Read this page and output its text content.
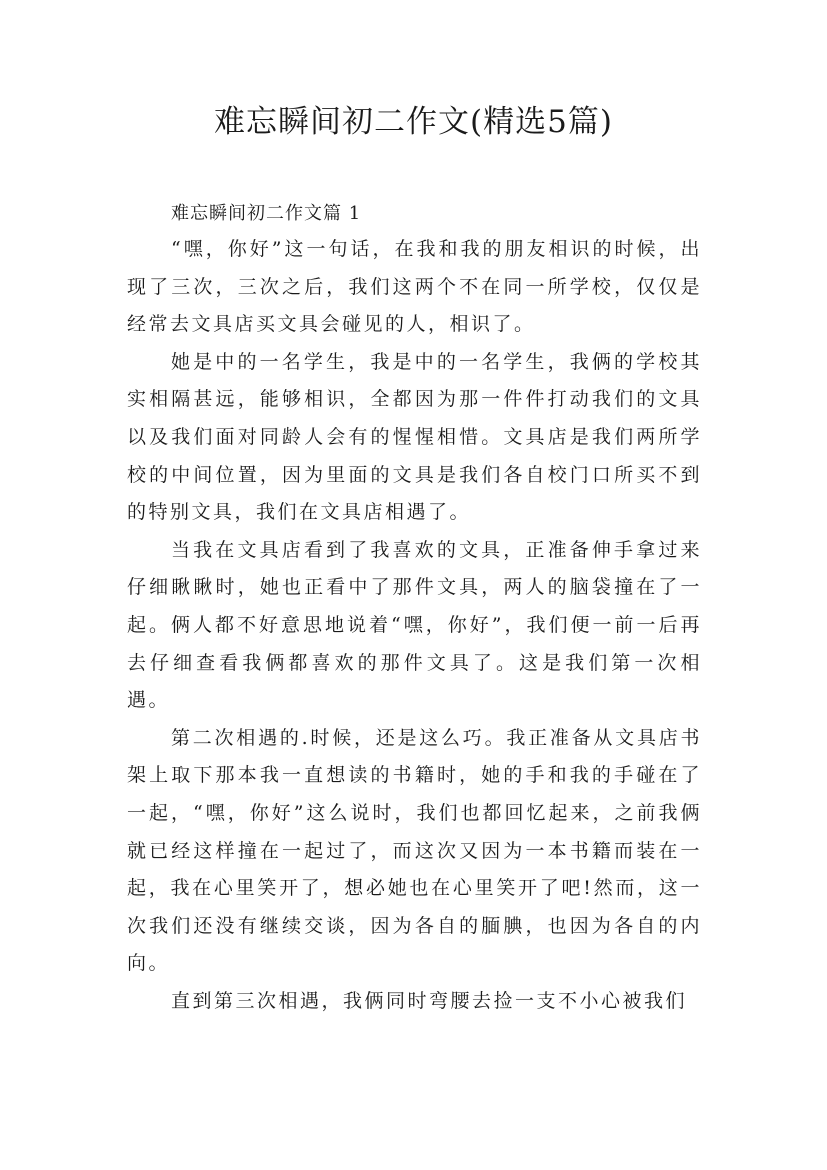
难忘瞬间初二作文(精选5篇)

难忘瞬间初二作文篇 1

“嘿，你好”这一句话，在我和我的朋友相识的时候，出现了三次，三次之后，我们这两个不在同一所学校，仅仅是经常去文具店买文具会碰见的人，相识了。

她是中的一名学生，我是中的一名学生，我俩的学校其实相隔甚远，能够相识，全都因为那一件件打动我们的文具以及我们面对同龄人会有的惺惺相惜。文具店是我们两所学校的中间位置，因为里面的文具是我们各自校门口所买不到的特别文具，我们在文具店相遇了。

当我在文具店看到了我喜欢的文具，正准备伸手拿过来仔细瞅瞅时，她也正看中了那件文具，两人的脑袋撞在了一起。俩人都不好意思地说着“嘿，你好”，我们便一前一后再去仔细查看我俩都喜欢的那件文具了。这是我们第一次相遇。

第二次相遇的.时候，还是这么巧。我正准备从文具店书架上取下那本我一直想读的书籍时，她的手和我的手碰在了一起，“嘿，你好”这么说时，我们也都回忆起来，之前我俩就已经这样撞在一起过了，而这次又因为一本书籍而装在一起，我在心里笑开了，想必她也在心里笑开了吧!然而，这一次我们还没有继续交谈，因为各自的腼腆，也因为各自的内向。

直到第三次相遇，我俩同时弯腰去捡一支不小心被我们
